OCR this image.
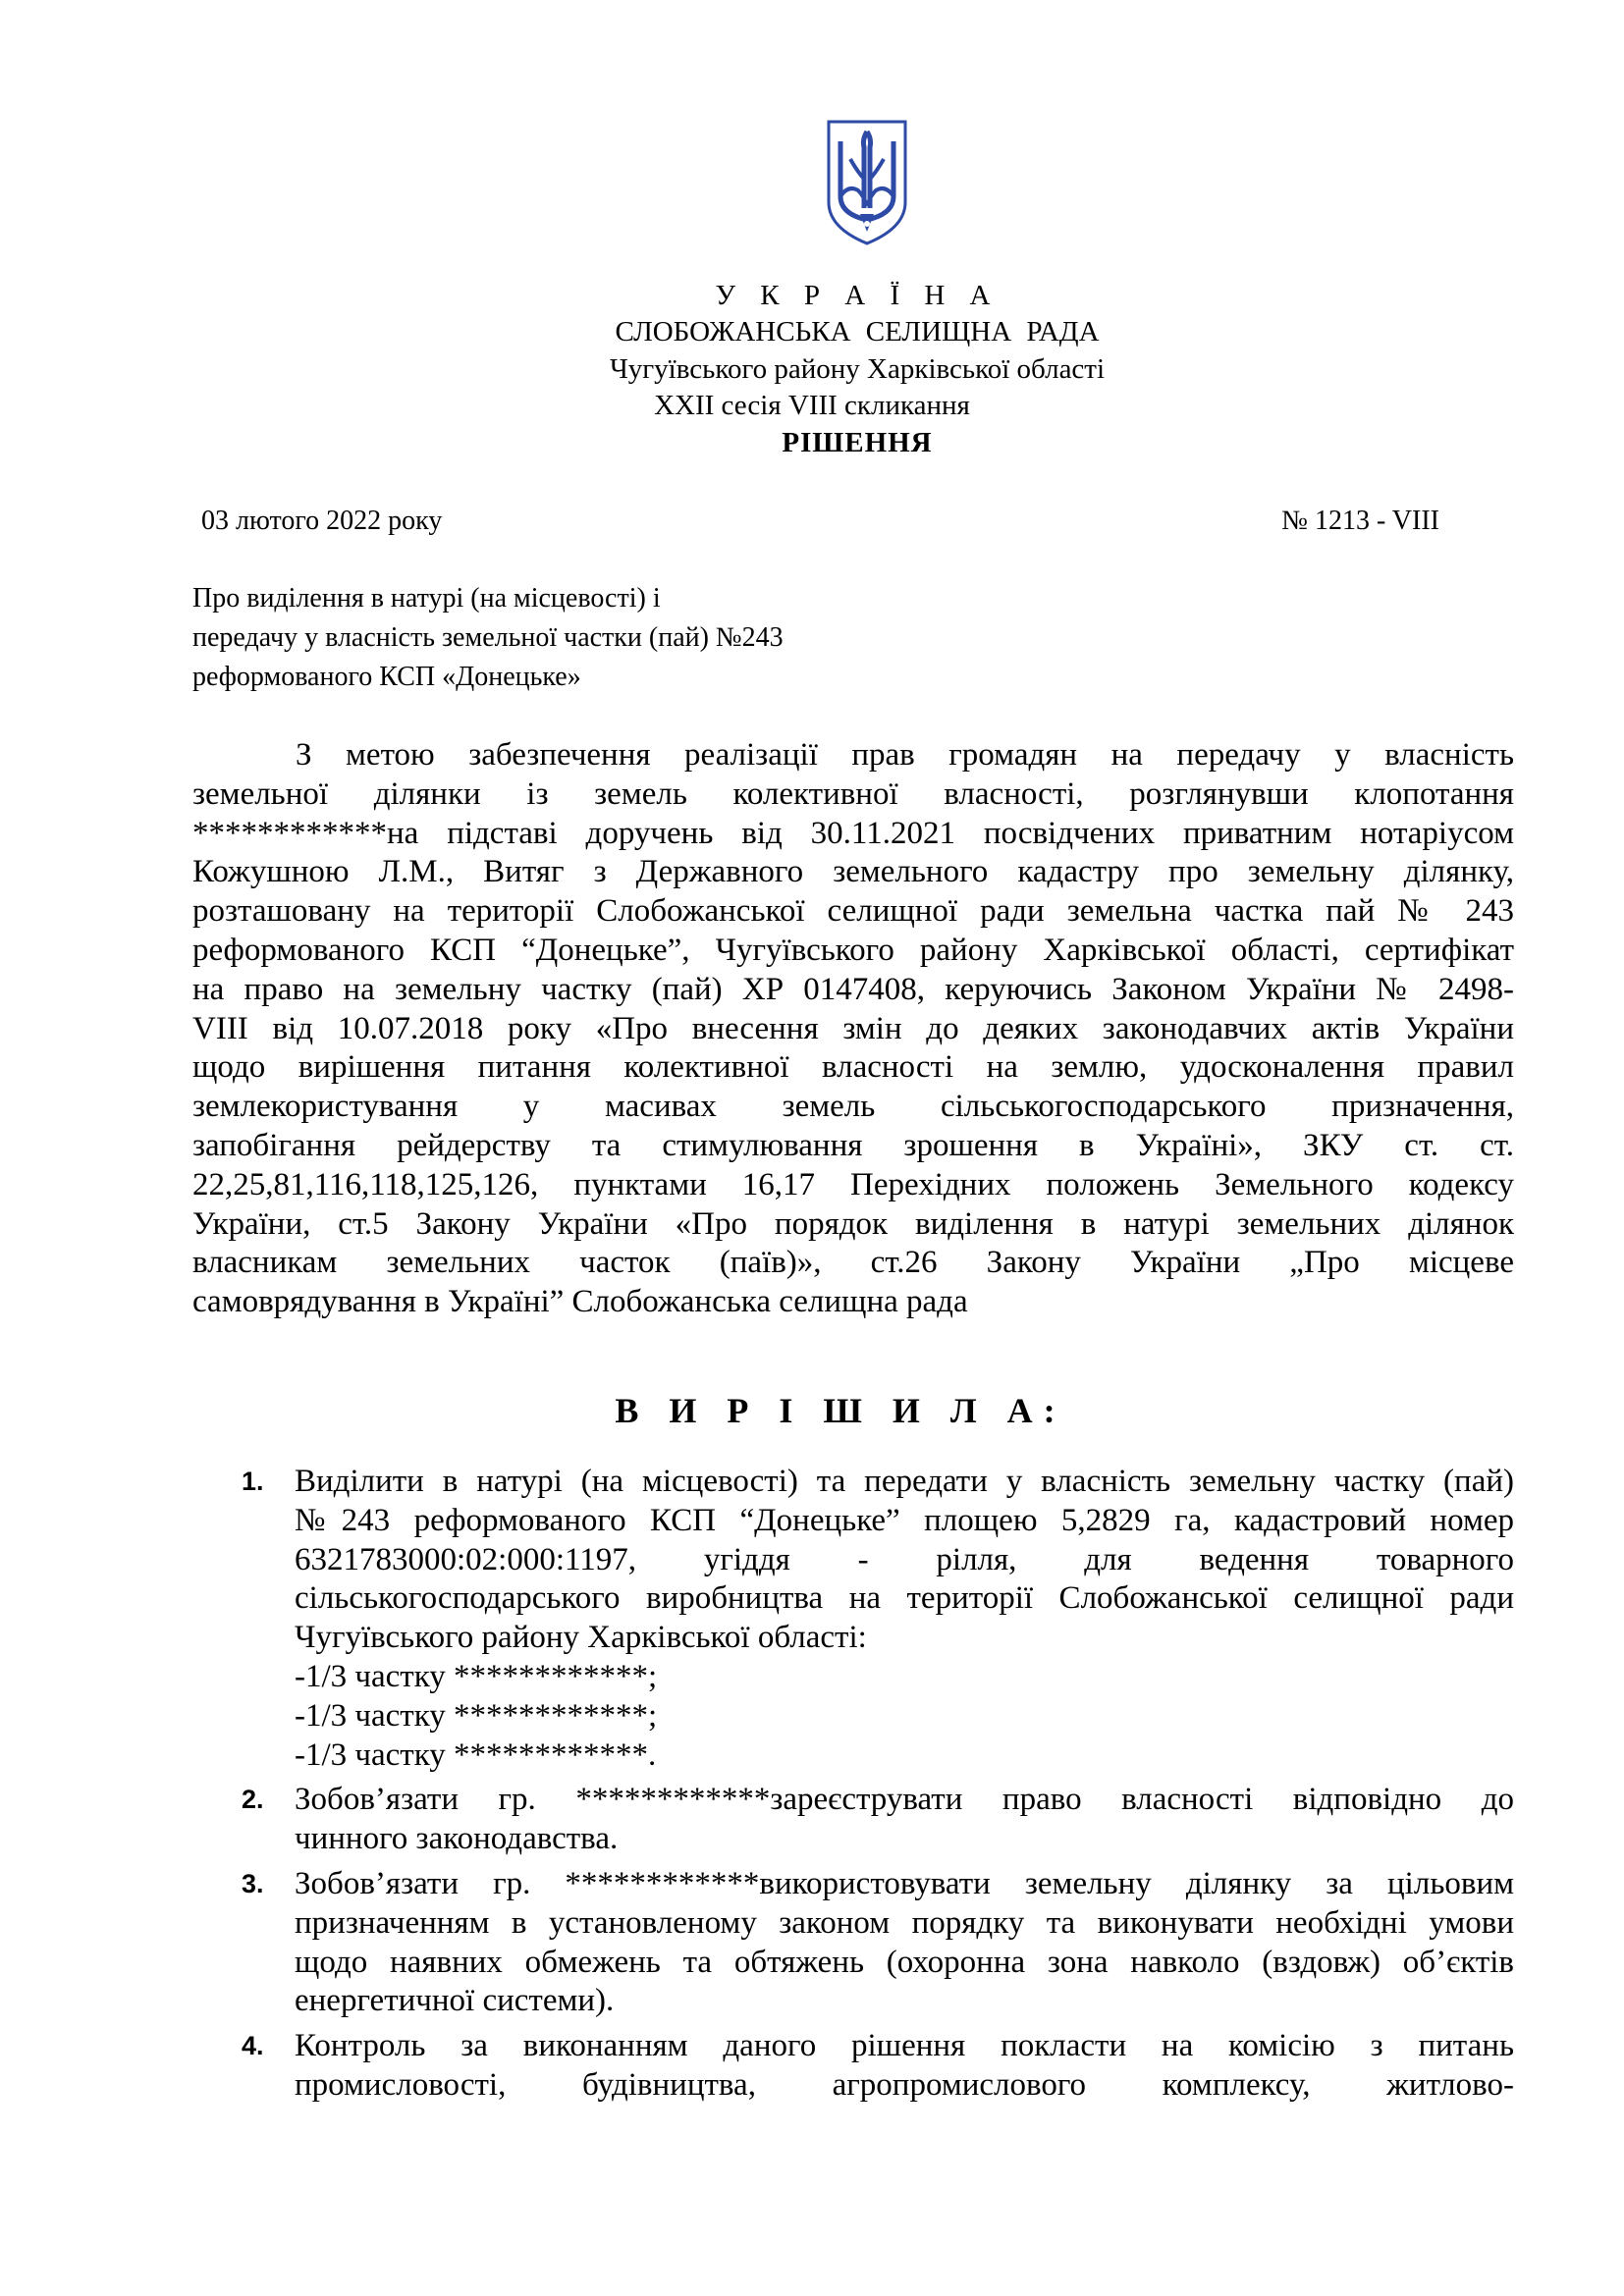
У К Р А Ї Н А
СЛОБОЖАНСЬКА СЕЛИЩНА РАДА
Чугуївського району Харківської області
XXII сесія VIII скликання
РІШЕННЯ
03 лютого 2022 року	№ 1213 - VIII
Про виділення в натурі (на місцевості) і
передачу у власність земельної частки (пай) №243
реформованого КСП «Донецьке»
З метою забезпечення реалізації прав громадян на передачу у власність
земельної ділянки із земель колективної власності, розглянувши клопотання
************на підставі доручень від 30.11.2021 посвідчених приватним нотаріусом
Кожушною Л.М., Витяг з Державного земельного кадастру про земельну ділянку,
розташовану на території Слобожанської селищної ради земельна частка пай № 243
реформованого КСП “Донецьке”, Чугуївського району Харківської області, сертифікат
на право на земельну частку (пай) ХР 0147408, керуючись Законом України № 2498-
VIII від 10.07.2018 року «Про внесення змін до деяких законодавчих актів України
щодо вирішення питання колективної власності на землю, удосконалення правил
землекористування у масивах земель сільськогосподарського призначення,
запобігання рейдерству та стимулювання зрошення в Україні», ЗКУ ст. ст.
22,25,81,116,118,125,126, пунктами 16,17 Перехідних положень Земельного кодексу
України, ст.5 Закону України «Про порядок виділення в натурі земельних ділянок
власникам земельних часток (паїв)», ст.26 Закону України „Про місцеве
самоврядування в Україні” Слобожанська селищна рада
В И Р І Ш И Л А:
1. Виділити в натурі (на місцевості) та передати у власність земельну частку (пай)
№243 реформованого КСП “Донецьке” площею 5,2829 га, кадастровий номер
6321783000:02:000:1197, угіддя - рілля, для ведення товарного
сільськогосподарського виробництва на території Слобожанської селищної ради
Чугуївського району Харківської області:
-1/3 частку ************;
-1/3 частку ************;
-1/3 частку ************.
2. Зобов’язати гр. ************зареєструвати право власності відповідно до
чинного законодавства.
3. Зобов’язати гр. ************використовувати земельну ділянку за цільовим
призначенням в установленому законом порядку та виконувати необхідні умови
щодо наявних обмежень та обтяжень (охоронна зона навколо (вздовж) об’єктів
енергетичної системи).
4. Контроль за виконанням даного рішення покласти на комісію з питань
промисловості, будівництва, агропромислового комплексу, житлово-
